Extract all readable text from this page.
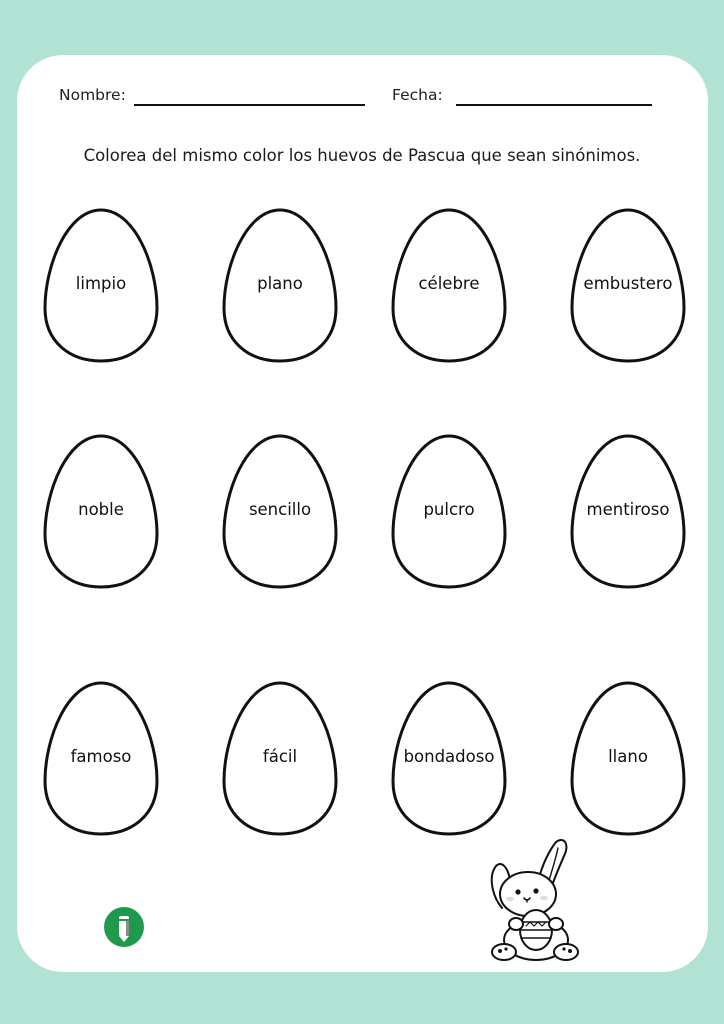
Nombre:	Fecha:
Colorea del mismo color los huevos de Pascua que sean sinónimos.
limpio	plano	célebre	embustero
noble	sencillo	pulcro	mentiroso
famoso	fácil	bondadoso	llano
